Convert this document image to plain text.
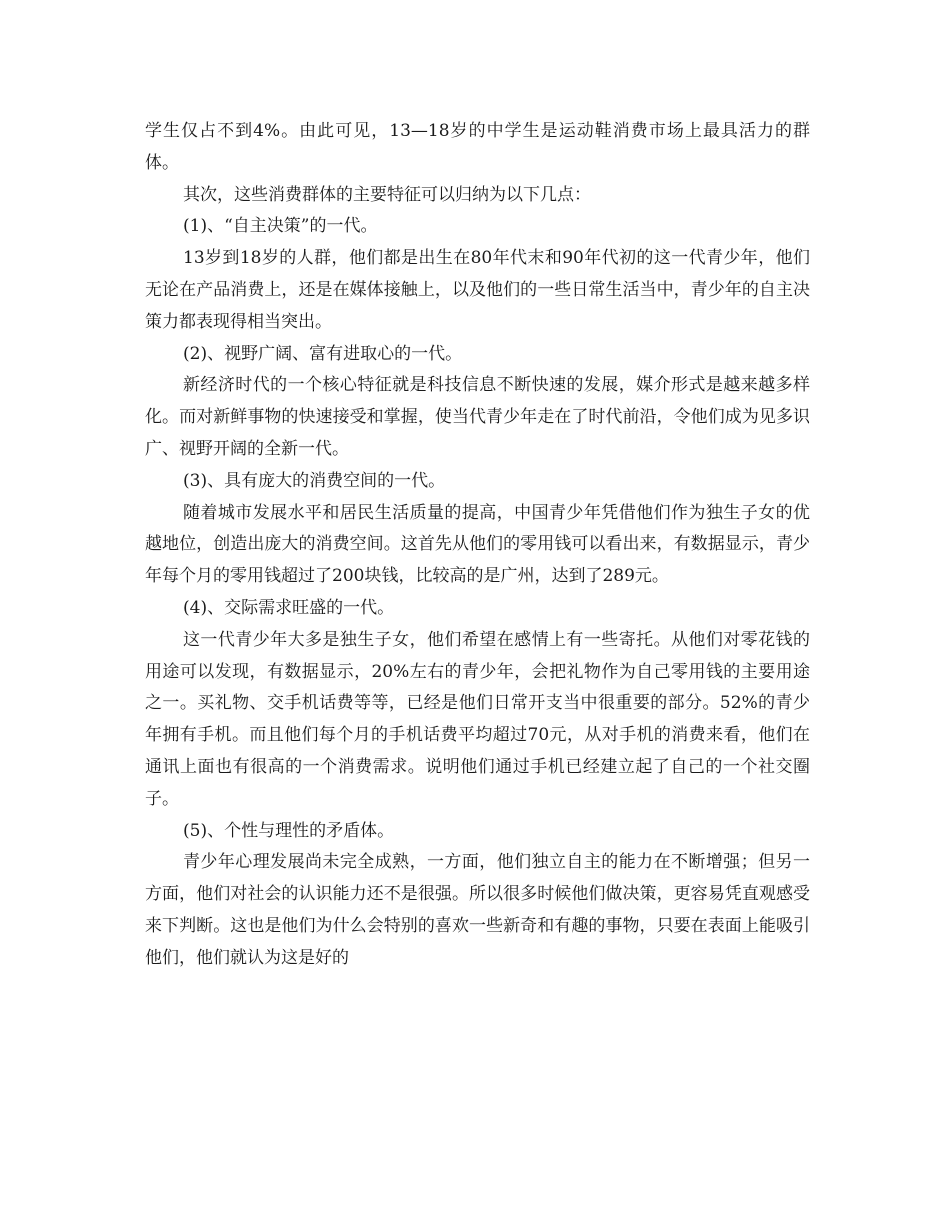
学生仅占不到4%。由此可见，13—18岁的中学生是运动鞋消费市场上最具活力的群体。

其次，这些消费群体的主要特征可以归纳为以下几点：

(1)、“自主决策”的一代。

13岁到18岁的人群，他们都是出生在80年代末和90年代初的这一代青少年，他们无论在产品消费上，还是在媒体接触上，以及他们的一些日常生活当中，青少年的自主决策力都表现得相当突出。

(2)、视野广阔、富有进取心的一代。

新经济时代的一个核心特征就是科技信息不断快速的发展，媒介形式是越来越多样化。而对新鲜事物的快速接受和掌握，使当代青少年走在了时代前沿，令他们成为见多识广、视野开阔的全新一代。

(3)、具有庞大的消费空间的一代。

随着城市发展水平和居民生活质量的提高，中国青少年凭借他们作为独生子女的优越地位，创造出庞大的消费空间。这首先从他们的零用钱可以看出来，有数据显示，青少年每个月的零用钱超过了200块钱，比较高的是广州，达到了289元。

(4)、交际需求旺盛的一代。

这一代青少年大多是独生子女，他们希望在感情上有一些寄托。从他们对零花钱的用途可以发现，有数据显示，20%左右的青少年，会把礼物作为自己零用钱的主要用途之一。买礼物、交手机话费等等，已经是他们日常开支当中很重要的部分。52%的青少年拥有手机。而且他们每个月的手机话费平均超过70元，从对手机的消费来看，他们在通讯上面也有很高的一个消费需求。说明他们通过手机已经建立起了自己的一个社交圈子。

(5)、个性与理性的矛盾体。

青少年心理发展尚未完全成熟，一方面，他们独立自主的能力在不断增强；但另一方面，他们对社会的认识能力还不是很强。所以很多时候他们做决策，更容易凭直观感受来下判断。这也是他们为什么会特别的喜欢一些新奇和有趣的事物，只要在表面上能吸引他们，他们就认为这是好的
